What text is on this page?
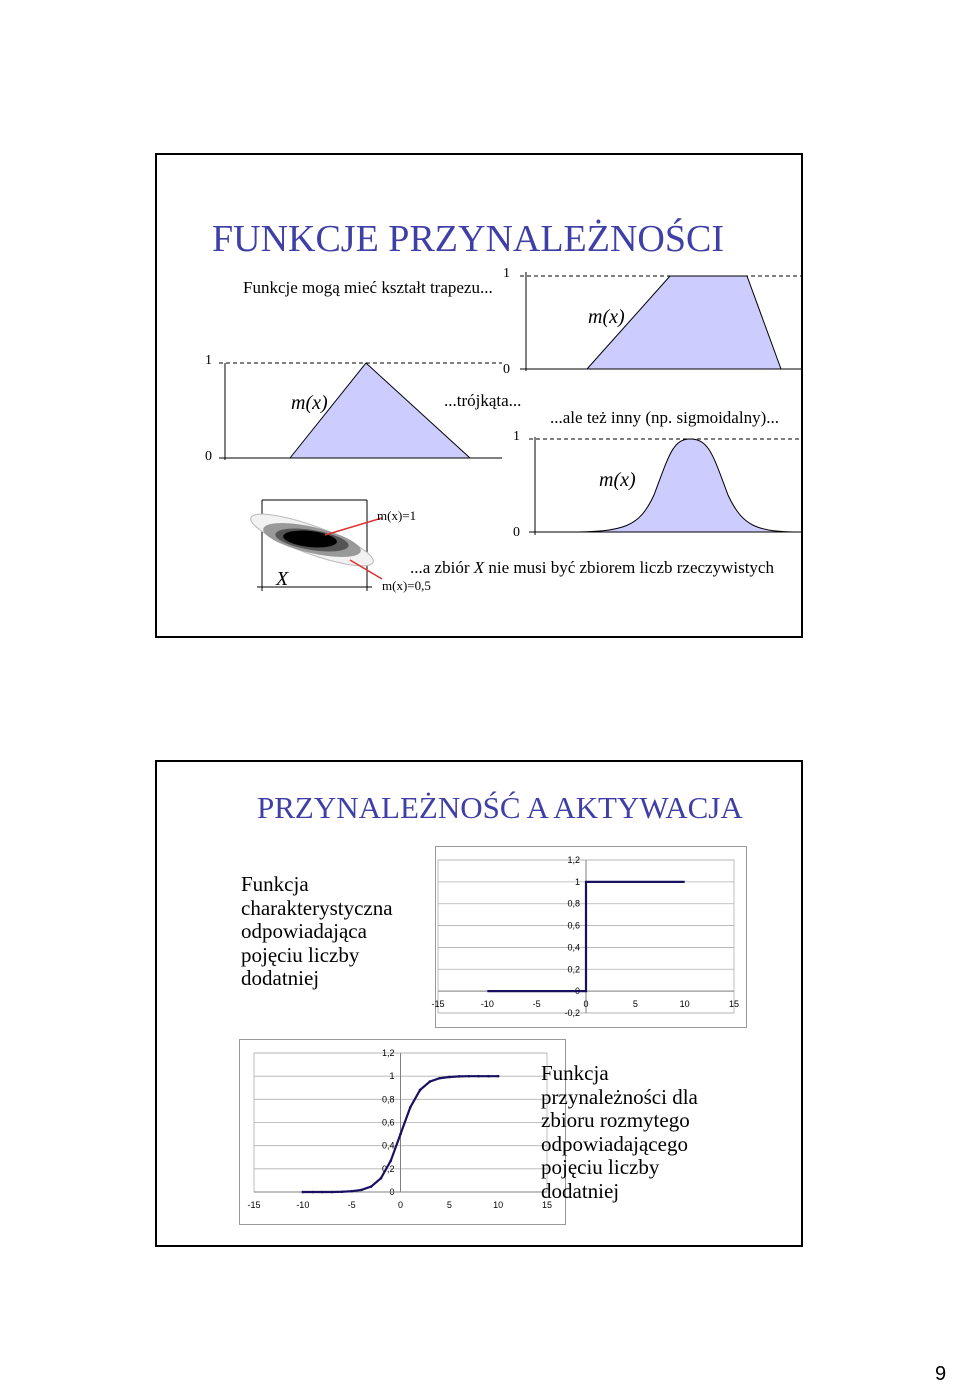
FUNKCJE PRZYNALEŻNOŚCI
Funkcje mogą mieć kształt trapezu...
...trójkąta...
...ale też inny (np. sigmoidalny)...
1
0
m(x)
1
0
m(x)
1
0
m(x)
X
m(x)=1
m(x)=0,5
...a zbiór X nie musi być zbiorem liczb rzeczywistych
PRZYNALEŻNOŚĆ A AKTYWACJA
Funkcja charakterystyczna odpowiadająca pojęciu liczby dodatniej
1,2
1
0,8
0,6
0,4
0,2
0
-0,2
-15	-10	-5	0	5	10	15
1,2
1
0,8
0,6
0,4
0,2
0
-15	-10	-5	0	5	10	15
Funkcja przynależności dla zbioru rozmytego odpowiadającego pojęciu liczby dodatniej
9
